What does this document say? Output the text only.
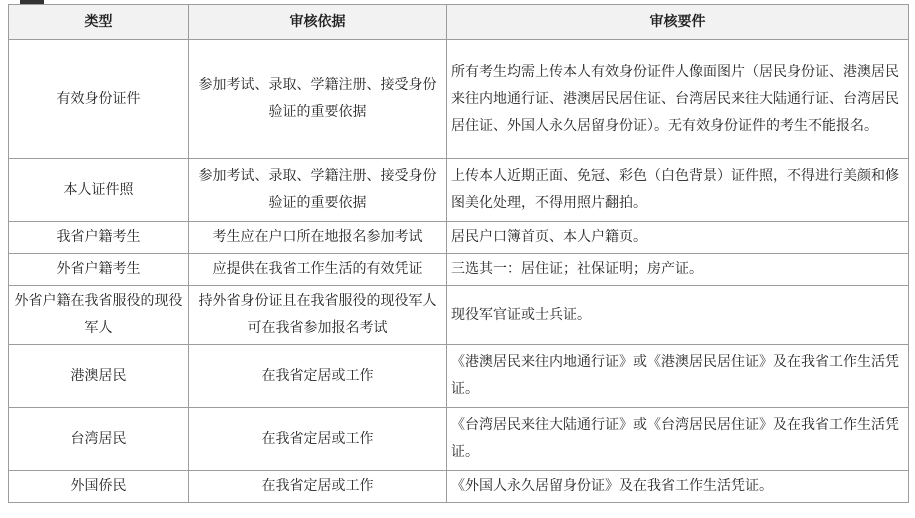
类型	审核依据	审核要件
有效身份证件	参加考试、录取、学籍注册、接受身份验证的重要依据	所有考生均需上传本人有效身份证件人像面图片（居民身份证、港澳居民来往内地通行证、港澳居民居住证、台湾居民来往大陆通行证、台湾居民居住证、外国人永久居留身份证）。无有效身份证件的考生不能报名。
本人证件照	参加考试、录取、学籍注册、接受身份验证的重要依据	上传本人近期正面、免冠、彩色（白色背景）证件照，不得进行美颜和修图美化处理，不得用照片翻拍。
我省户籍考生	考生应在户口所在地报名参加考试	居民户口簿首页、本人户籍页。
外省户籍考生	应提供在我省工作生活的有效凭证	三选其一：居住证；社保证明；房产证。
外省户籍在我省服役的现役军人	持外省身份证且在我省服役的现役军人可在我省参加报名考试	现役军官证或士兵证。
港澳居民	在我省定居或工作	《港澳居民来往内地通行证》或《港澳居民居住证》及在我省工作生活凭证。
台湾居民	在我省定居或工作	《台湾居民来往大陆通行证》或《台湾居民居住证》及在我省工作生活凭证。
外国侨民	在我省定居或工作	《外国人永久居留身份证》及在我省工作生活凭证。
